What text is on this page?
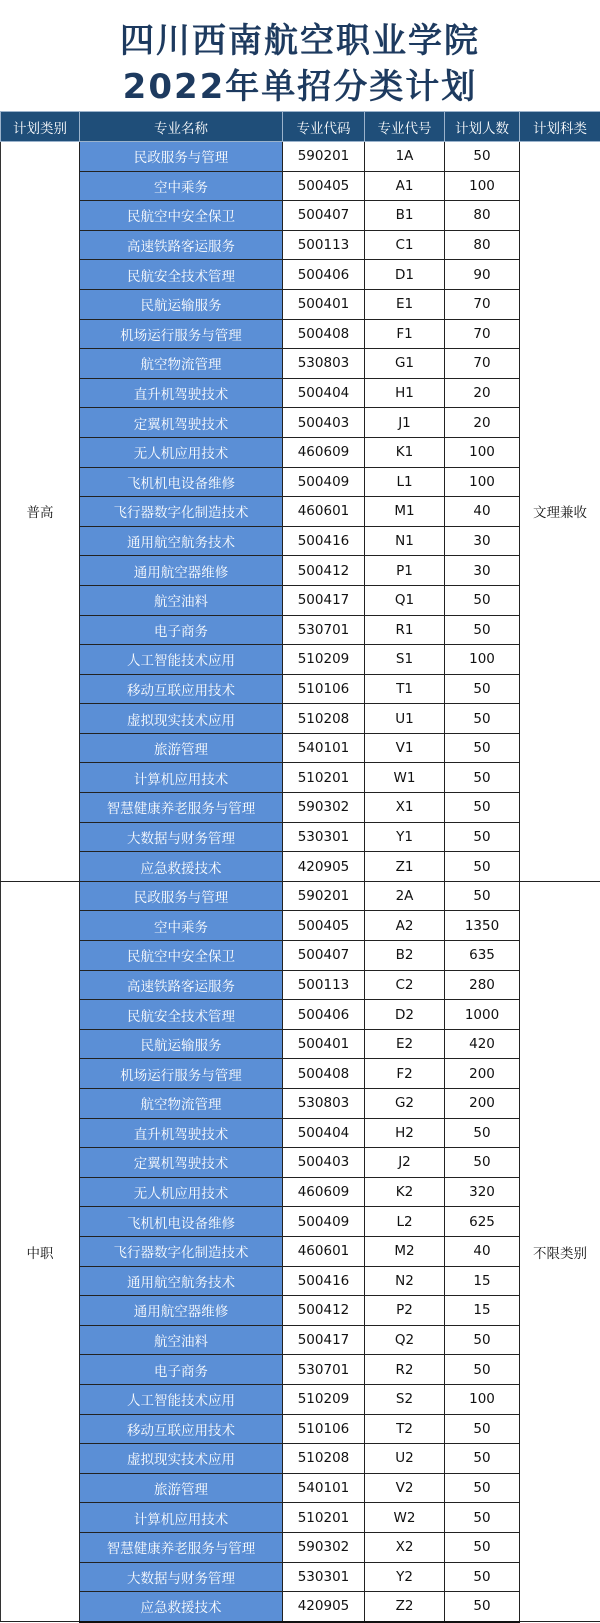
四川西南航空职业学院
2022年单招分类计划
计划类别	专业名称	专业代码	专业代号	计划人数	计划科类
普高	民政服务与管理	590201	1A	50	文理兼收
	空中乘务	500405	A1	100	
	民航空中安全保卫	500407	B1	80	
	高速铁路客运服务	500113	C1	80	
	民航安全技术管理	500406	D1	90	
	民航运输服务	500401	E1	70	
	机场运行服务与管理	500408	F1	70	
	航空物流管理	530803	G1	70	
	直升机驾驶技术	500404	H1	20	
	定翼机驾驶技术	500403	J1	20	
	无人机应用技术	460609	K1	100	
	飞机机电设备维修	500409	L1	100	
	飞行器数字化制造技术	460601	M1	40	
	通用航空航务技术	500416	N1	30	
	通用航空器维修	500412	P1	30	
	航空油料	500417	Q1	50	
	电子商务	530701	R1	50	
	人工智能技术应用	510209	S1	100	
	移动互联应用技术	510106	T1	50	
	虚拟现实技术应用	510208	U1	50	
	旅游管理	540101	V1	50	
	计算机应用技术	510201	W1	50	
	智慧健康养老服务与管理	590302	X1	50	
	大数据与财务管理	530301	Y1	50	
	应急救援技术	420905	Z1	50	
中职	民政服务与管理	590201	2A	50	不限类别
	空中乘务	500405	A2	1350	
	民航空中安全保卫	500407	B2	635	
	高速铁路客运服务	500113	C2	280	
	民航安全技术管理	500406	D2	1000	
	民航运输服务	500401	E2	420	
	机场运行服务与管理	500408	F2	200	
	航空物流管理	530803	G2	200	
	直升机驾驶技术	500404	H2	50	
	定翼机驾驶技术	500403	J2	50	
	无人机应用技术	460609	K2	320	
	飞机机电设备维修	500409	L2	625	
	飞行器数字化制造技术	460601	M2	40	
	通用航空航务技术	500416	N2	15	
	通用航空器维修	500412	P2	15	
	航空油料	500417	Q2	50	
	电子商务	530701	R2	50	
	人工智能技术应用	510209	S2	100	
	移动互联应用技术	510106	T2	50	
	虚拟现实技术应用	510208	U2	50	
	旅游管理	540101	V2	50	
	计算机应用技术	510201	W2	50	
	智慧健康养老服务与管理	590302	X2	50	
	大数据与财务管理	530301	Y2	50	
	应急救援技术	420905	Z2	50	
